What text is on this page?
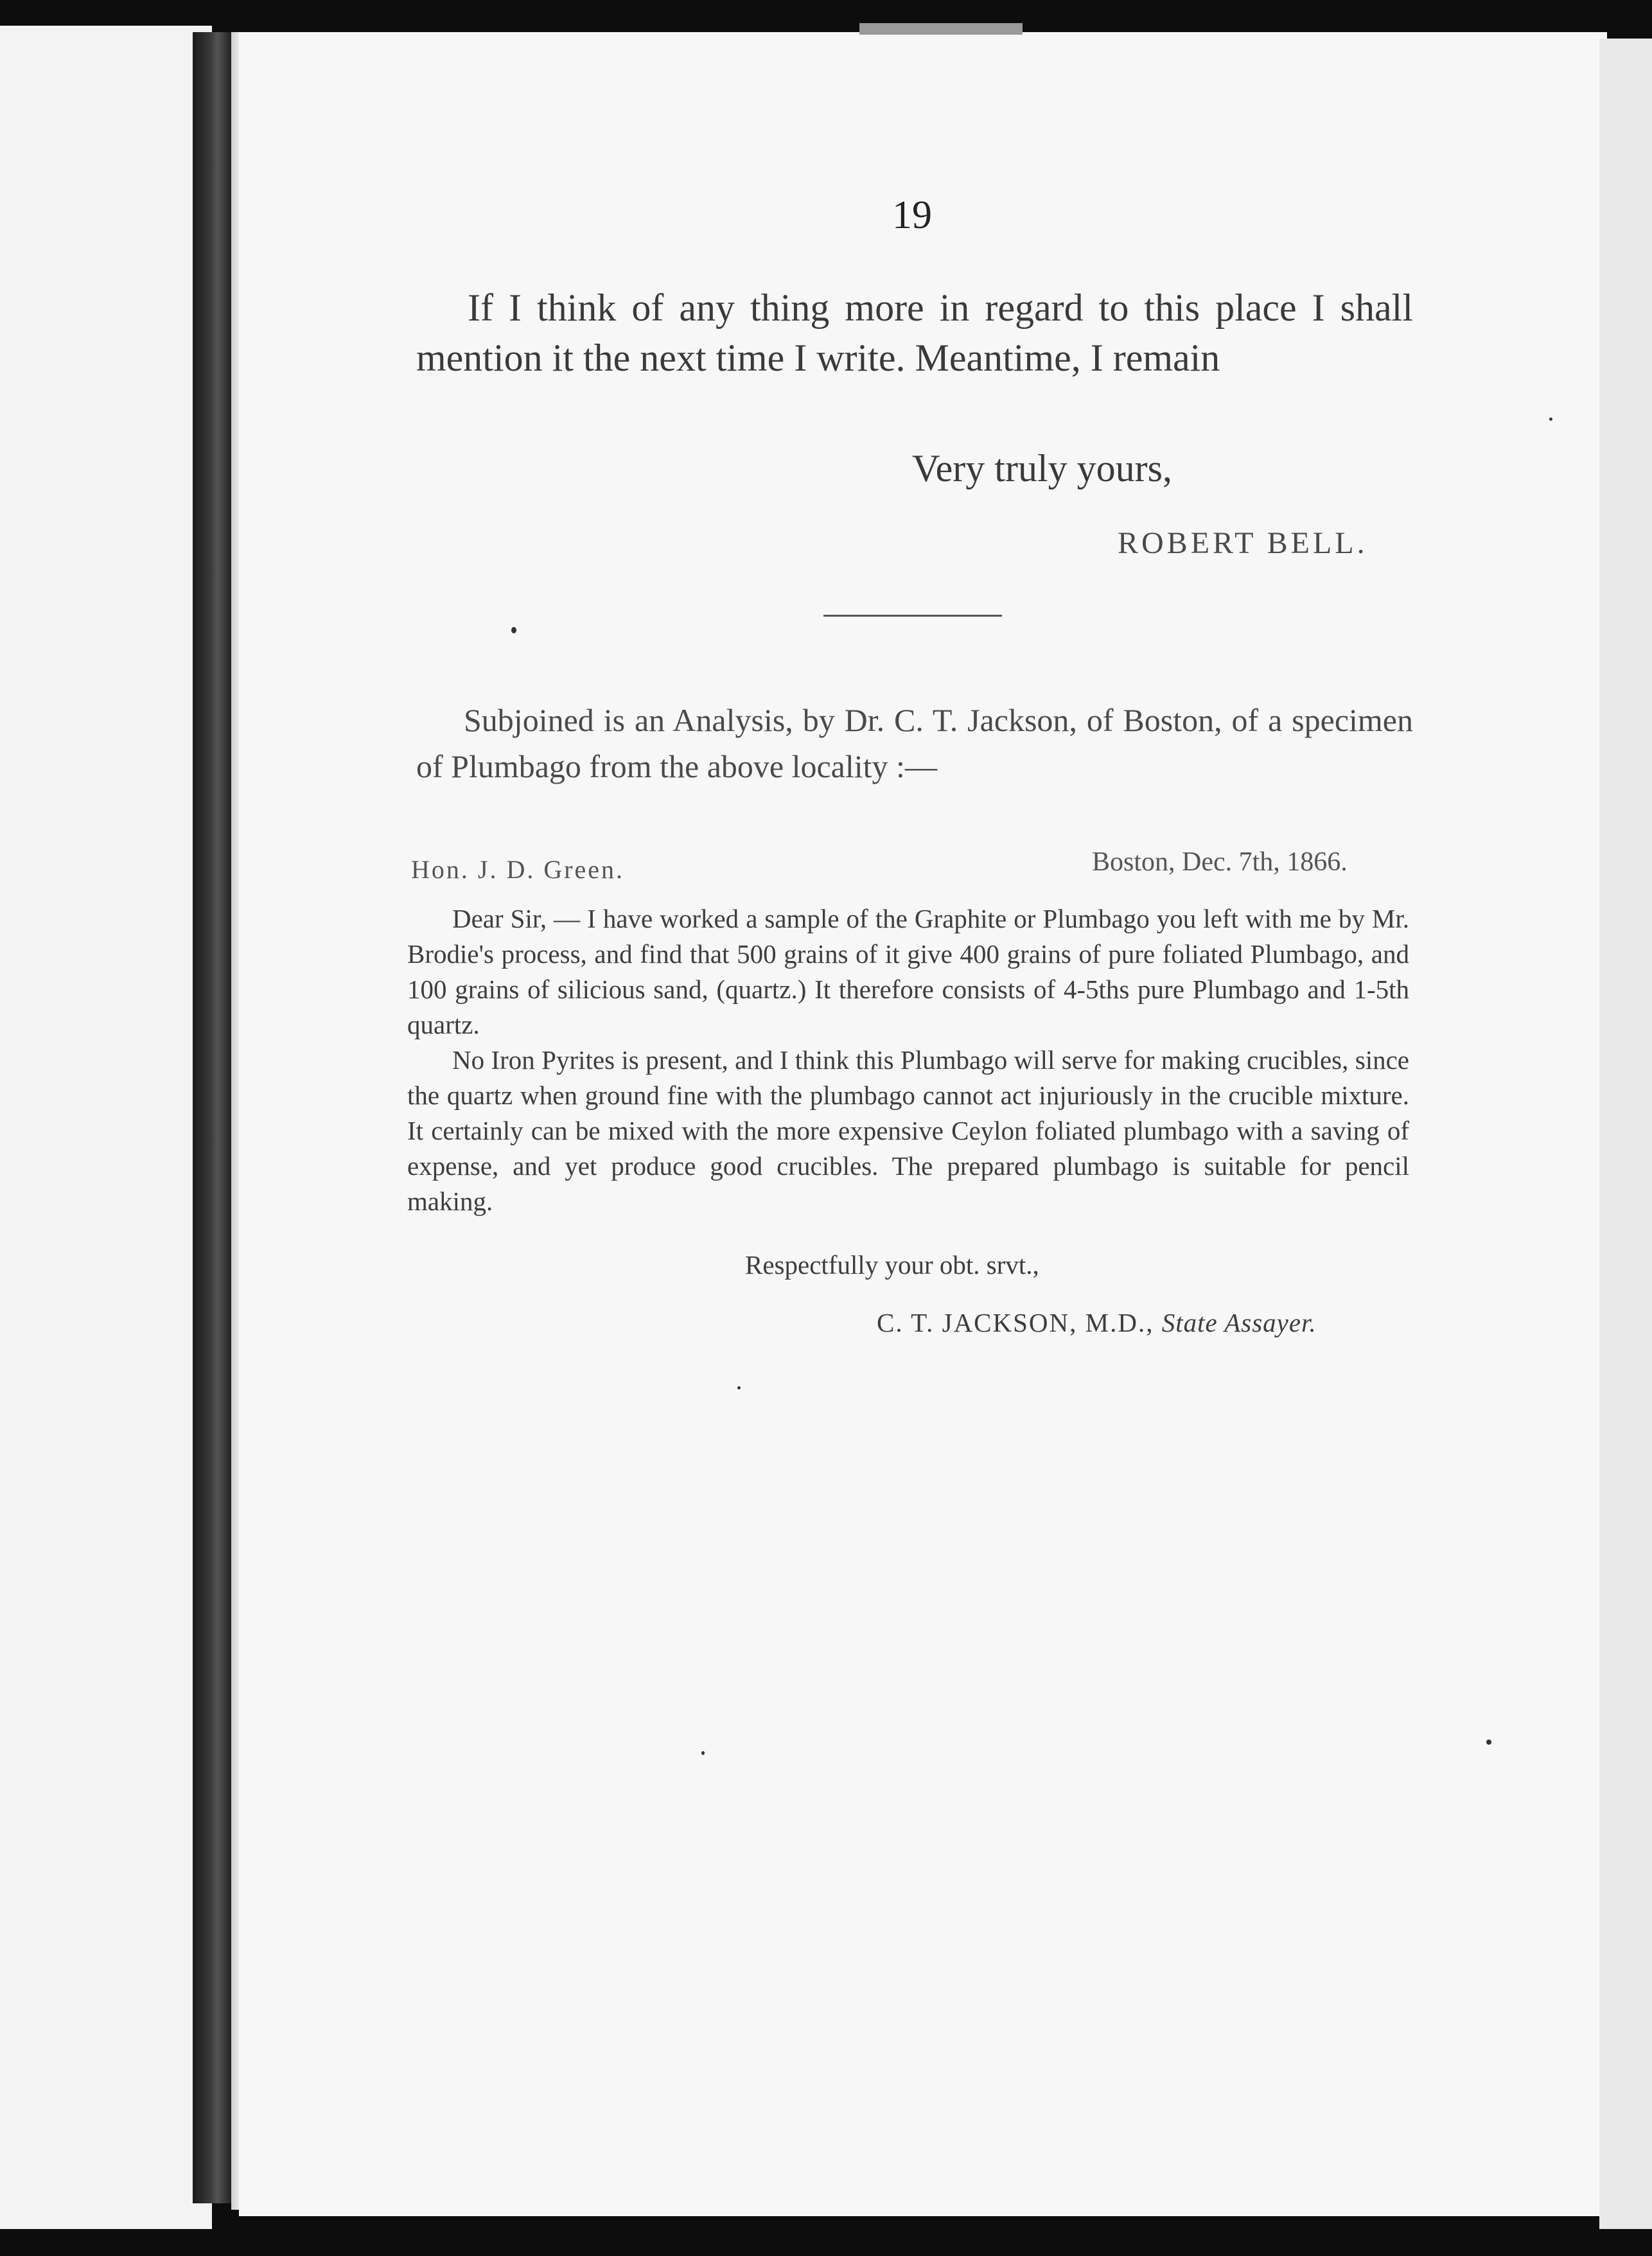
19

If I think of any thing more in regard to this place I shall mention it the next time I write. Meantime, I remain

Very truly yours,
ROBERT BELL.

Subjoined is an Analysis, by Dr. C. T. Jackson, of Boston, of a specimen of Plumbago from the above locality :—

Boston, Dec. 7th, 1866.
Hon. J. D. Green.

Dear Sir, — I have worked a sample of the Graphite or Plumbago you left with me by Mr. Brodie's process, and find that 500 grains of it give 400 grains of pure foliated Plumbago, and 100 grains of silicious sand, (quartz.) It therefore consists of 4-5ths pure Plumbago and 1-5th quartz.

No Iron Pyrites is present, and I think this Plumbago will serve for making crucibles, since the quartz when ground fine with the plumbago cannot act injuriously in the crucible mixture. It certainly can be mixed with the more expensive Ceylon foliated plumbago with a saving of expense, and yet produce good crucibles. The prepared plumbago is suitable for pencil making.

Respectfully your obt. srvt.,
C. T. JACKSON, M.D., State Assayer.
